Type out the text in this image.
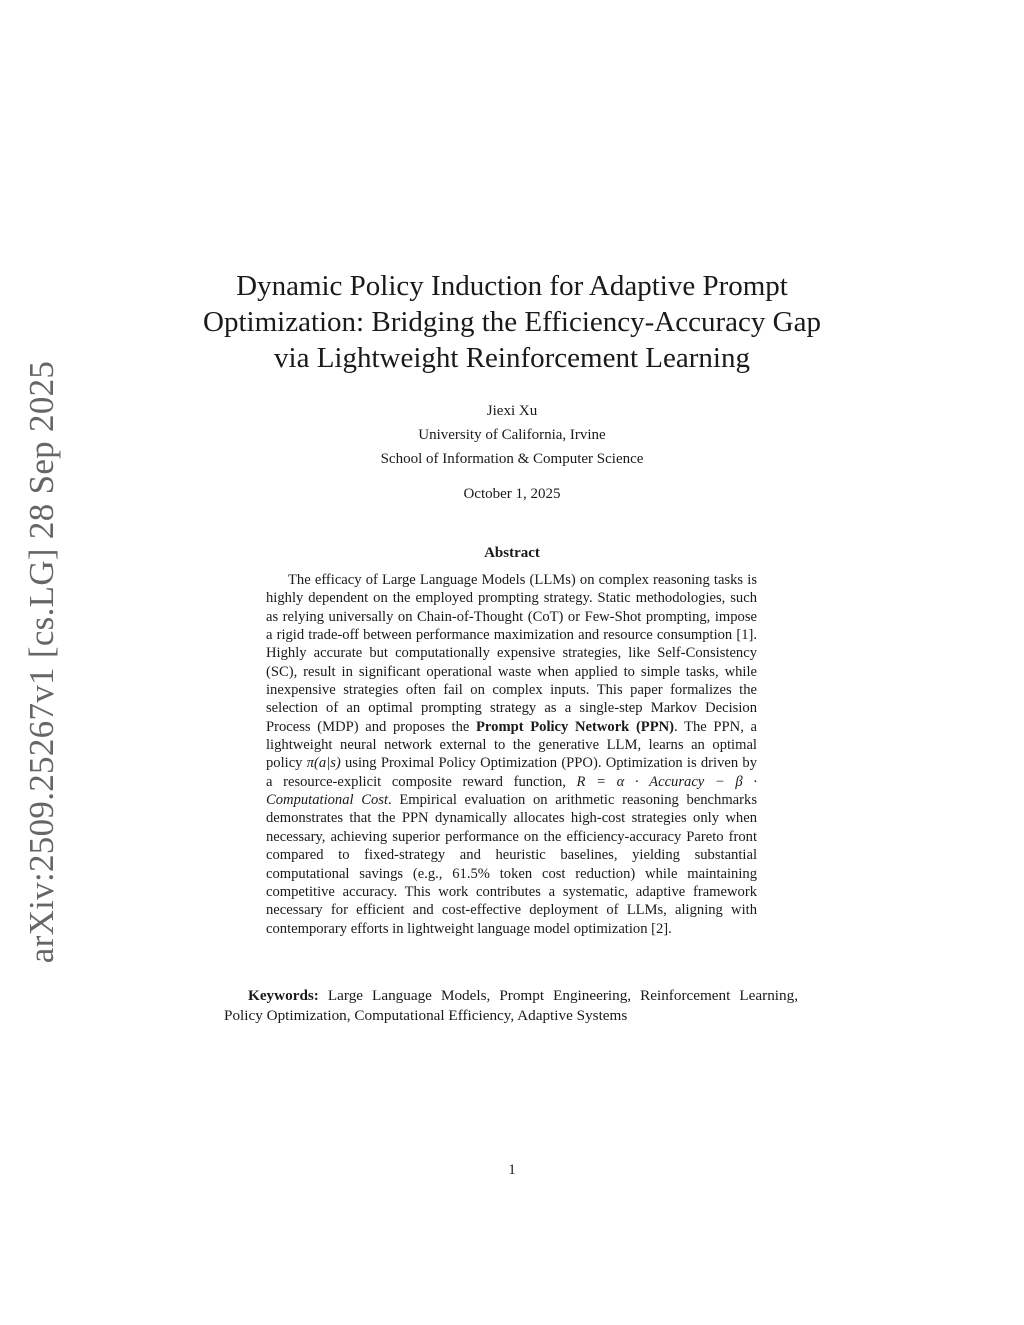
arXiv:2509.25267v1 [cs.LG] 28 Sep 2025
Dynamic Policy Induction for Adaptive Prompt Optimization: Bridging the Efficiency-Accuracy Gap via Lightweight Reinforcement Learning
Jiexi Xu
University of California, Irvine
School of Information & Computer Science
October 1, 2025
Abstract

The efficacy of Large Language Models (LLMs) on complex reasoning tasks is highly dependent on the employed prompting strategy. Static methodologies, such as relying universally on Chain-of-Thought (CoT) or Few-Shot prompting, impose a rigid trade-off between performance maximization and resource consumption [1]. Highly accurate but computationally expensive strategies, like Self-Consistency (SC), result in significant operational waste when applied to simple tasks, while inexpensive strategies often fail on complex inputs. This paper formalizes the selection of an optimal prompting strategy as a single-step Markov Decision Process (MDP) and proposes the Prompt Policy Network (PPN). The PPN, a lightweight neural network external to the generative LLM, learns an optimal policy π(a|s) using Proximal Policy Optimization (PPO). Optimization is driven by a resource-explicit composite reward function, R = α · Accuracy − β · Computational Cost. Empirical evaluation on arithmetic reasoning benchmarks demonstrates that the PPN dynamically allocates high-cost strategies only when necessary, achieving superior performance on the efficiency-accuracy Pareto front compared to fixed-strategy and heuristic baselines, yielding substantial computational savings (e.g., 61.5% token cost reduction) while maintaining competitive accuracy. This work contributes a systematic, adaptive framework necessary for efficient and cost-effective deployment of LLMs, aligning with contemporary efforts in lightweight language model optimization [2].

Keywords: Large Language Models, Prompt Engineering, Reinforcement Learning, Policy Optimization, Computational Efficiency, Adaptive Systems

1
